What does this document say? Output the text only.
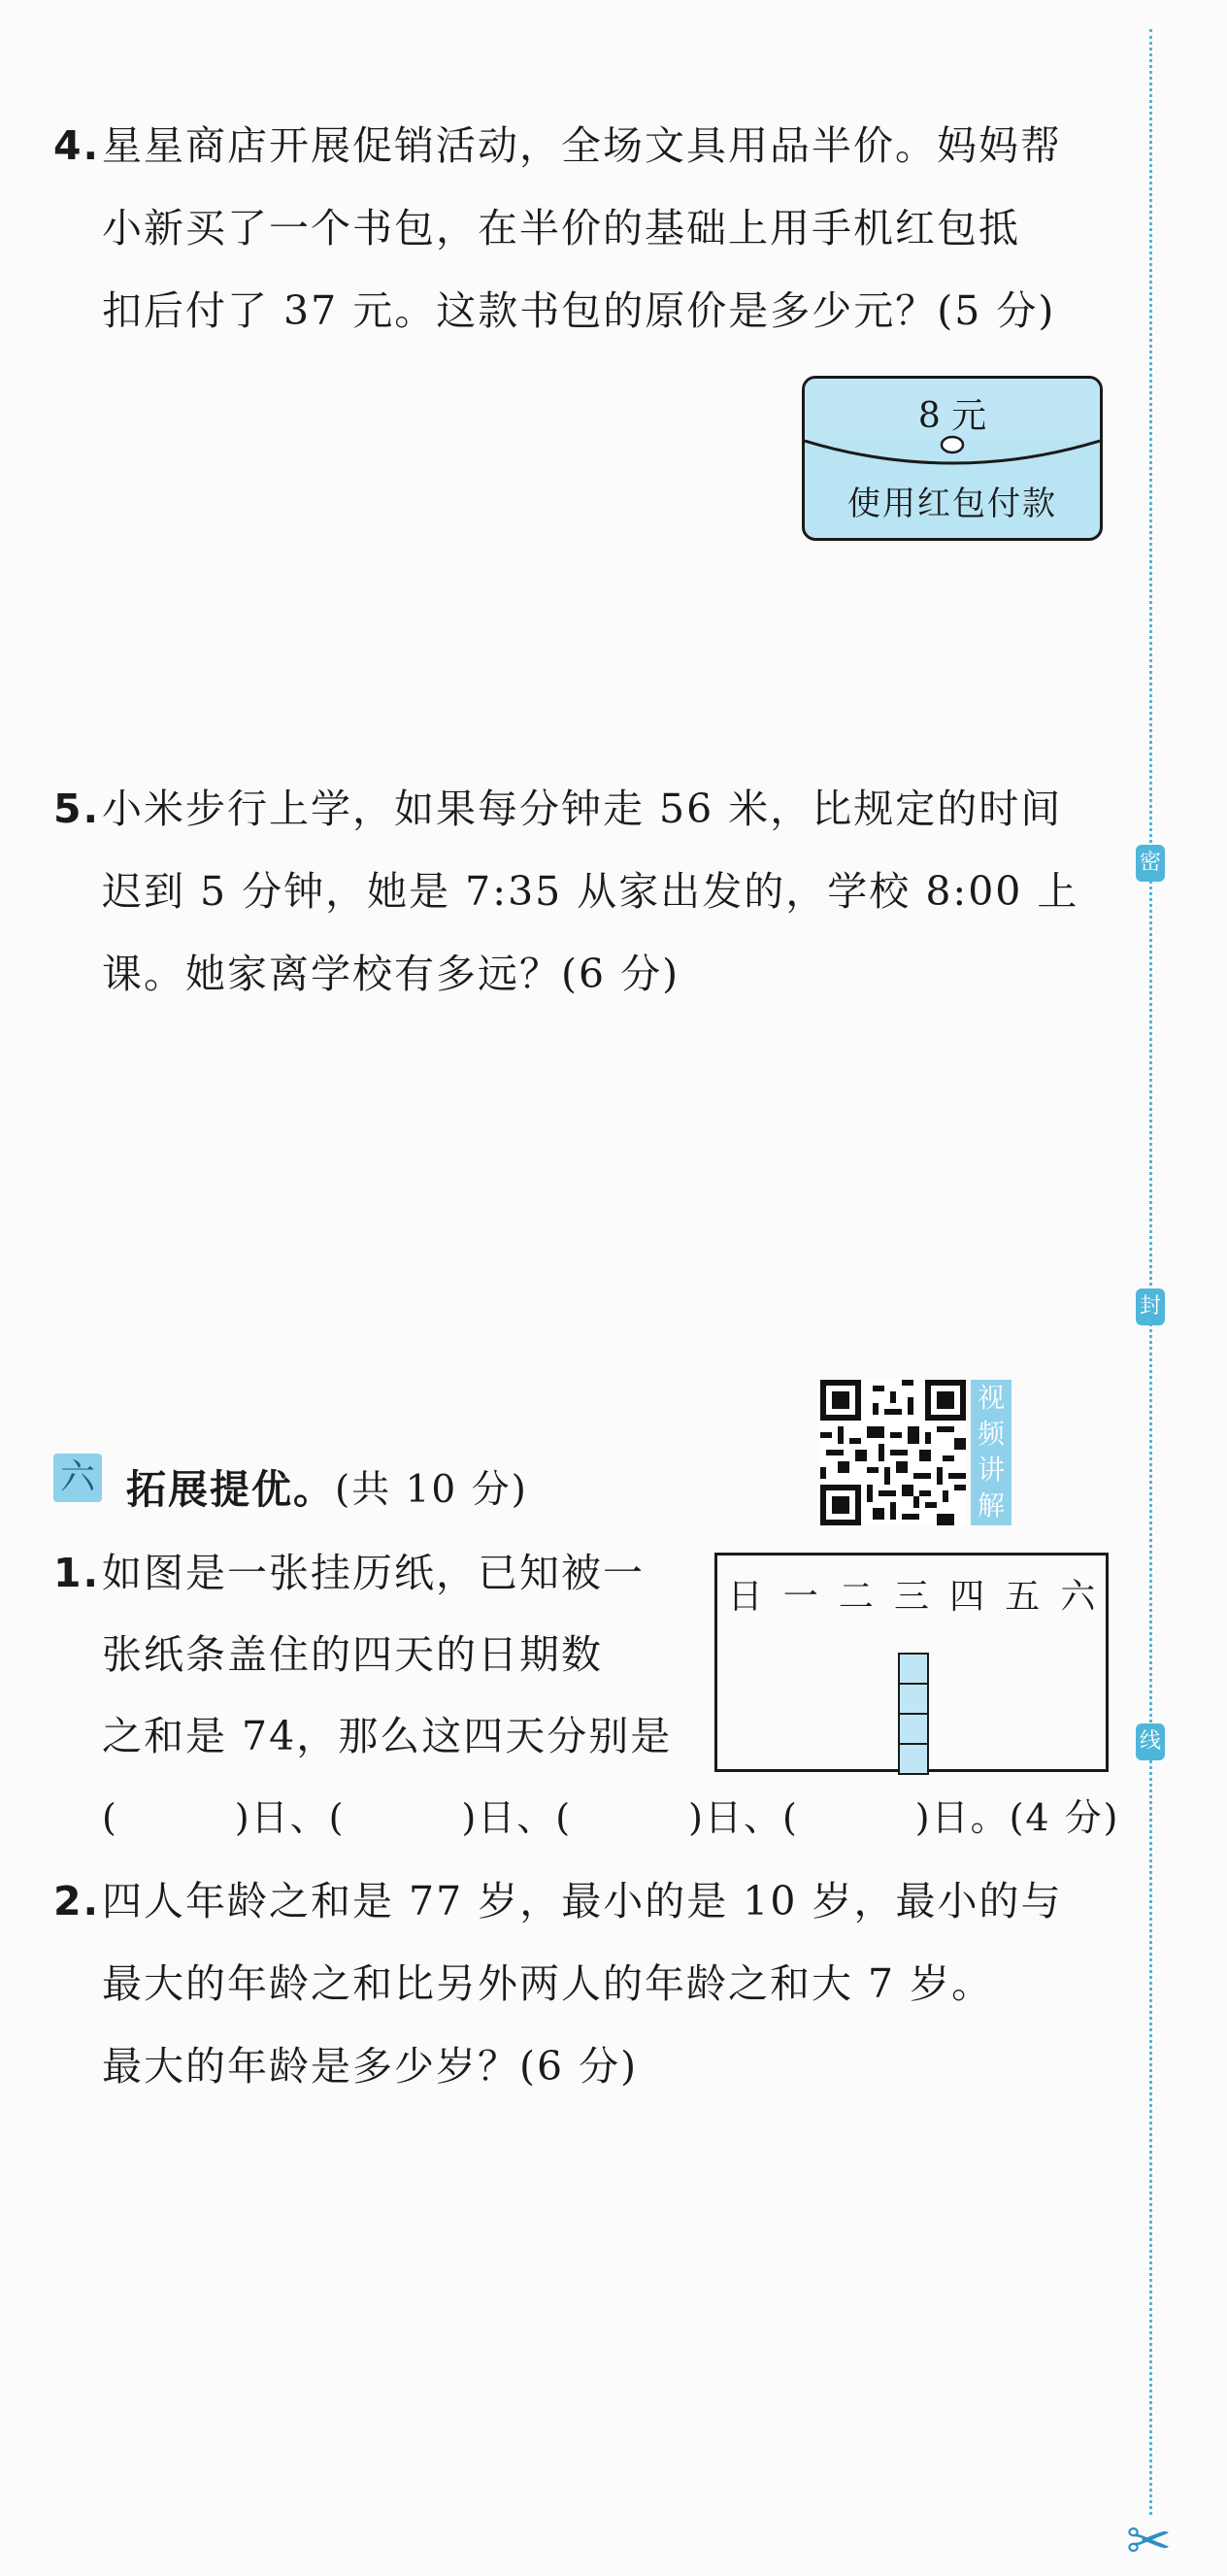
4. 星星商店开展促销活动，全场文具用品半价。妈妈帮
小新买了一个书包，在半价的基础上用手机红包抵
扣后付了 37 元。这款书包的原价是多少元？(5 分)
8 元
使用红包付款
5. 小米步行上学，如果每分钟走 56 米，比规定的时间
迟到 5 分钟，她是 7:35 从家出发的，学校 8:00 上
课。她家离学校有多远？(6 分)
视
频
讲
解
六 拓展提优。 (共 10 分)
1. 如图是一张挂历纸，已知被一
张纸条盖住的四天的日期数
之和是 74，那么这四天分别是
(　　　)日、(　　　)日、(　　　)日、(　　　)日。(4 分)
日 一 二 三 四 五 六
2. 四人年龄之和是 77 岁，最小的是 10 岁，最小的与
最大的年龄之和比另外两人的年龄之和大 7 岁。
最大的年龄是多少岁？(6 分)
密
封
线
✂
